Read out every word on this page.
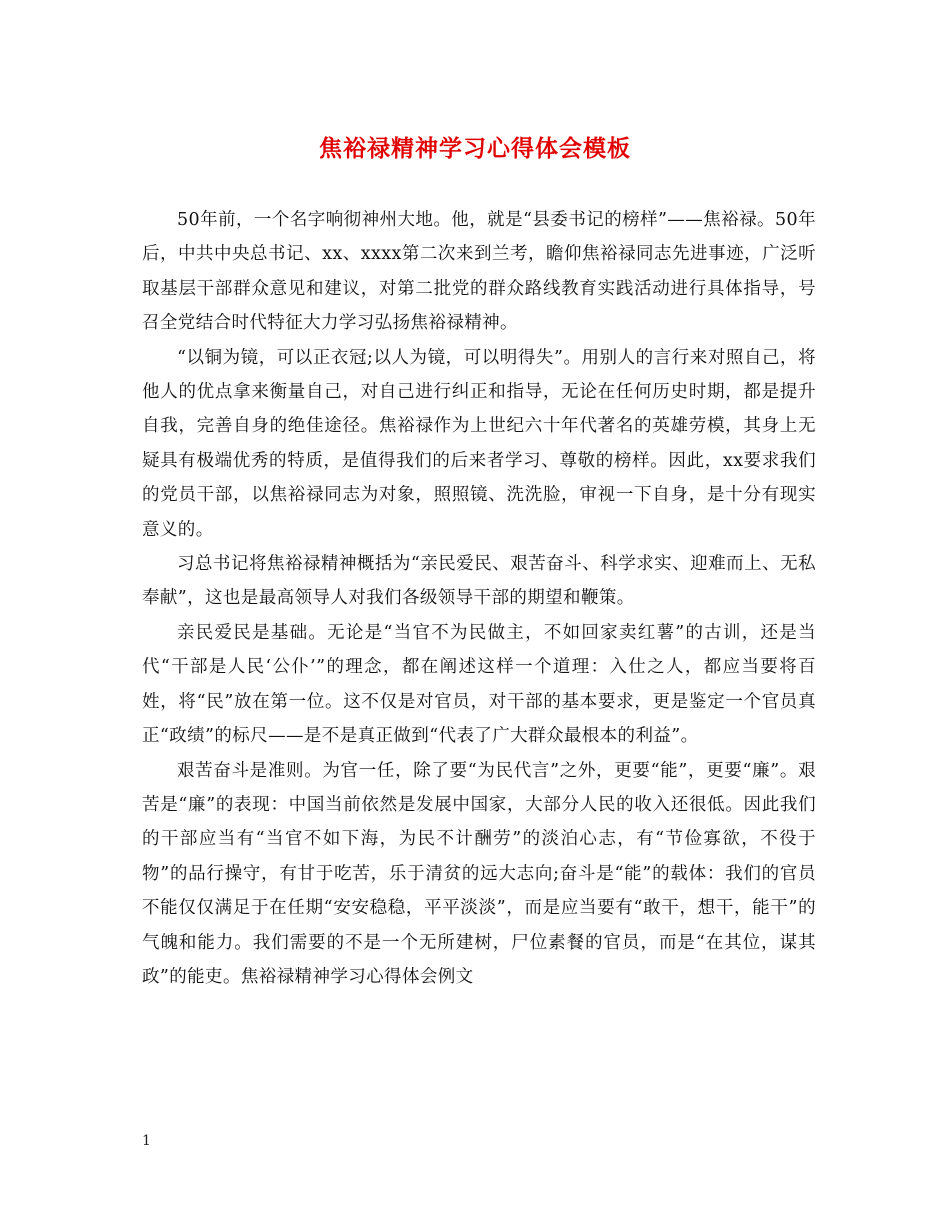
焦裕禄精神学习心得体会模板

50年前，一个名字响彻神州大地。他，就是“县委书记的榜样”——焦裕禄。50年后，中共中央总书记、xx、xxxx第二次来到兰考，瞻仰焦裕禄同志先进事迹，广泛听取基层干部群众意见和建议，对第二批党的群众路线教育实践活动进行具体指导，号召全党结合时代特征大力学习弘扬焦裕禄精神。

“以铜为镜，可以正衣冠;以人为镜，可以明得失”。用别人的言行来对照自己，将他人的优点拿来衡量自己，对自己进行纠正和指导，无论在任何历史时期，都是提升自我，完善自身的绝佳途径。焦裕禄作为上世纪六十年代著名的英雄劳模，其身上无疑具有极端优秀的特质，是值得我们的后来者学习、尊敬的榜样。因此，xx要求我们的党员干部，以焦裕禄同志为对象，照照镜、洗洗脸，审视一下自身，是十分有现实意义的。

习总书记将焦裕禄精神概括为“亲民爱民、艰苦奋斗、科学求实、迎难而上、无私奉献”，这也是最高领导人对我们各级领导干部的期望和鞭策。

亲民爱民是基础。无论是“当官不为民做主，不如回家卖红薯”的古训，还是当代“干部是人民‘公仆’”的理念，都在阐述这样一个道理：入仕之人，都应当要将百姓，将“民”放在第一位。这不仅是对官员，对干部的基本要求，更是鉴定一个官员真正“政绩”的标尺——是不是真正做到“代表了广大群众最根本的利益”。

艰苦奋斗是准则。为官一任，除了要“为民代言”之外，更要“能”，更要“廉”。艰苦是“廉”的表现：中国当前依然是发展中国家，大部分人民的收入还很低。因此我们的干部应当有“当官不如下海，为民不计酬劳”的淡泊心志，有“节俭寡欲，不役于物”的品行操守，有甘于吃苦，乐于清贫的远大志向;奋斗是“能”的载体：我们的官员不能仅仅满足于在任期“安安稳稳，平平淡淡”，而是应当要有“敢干，想干，能干”的气魄和能力。我们需要的不是一个无所建树，尸位素餐的官员，而是“在其位，谋其政”的能吏。焦裕禄精神学习心得体会例文

1
